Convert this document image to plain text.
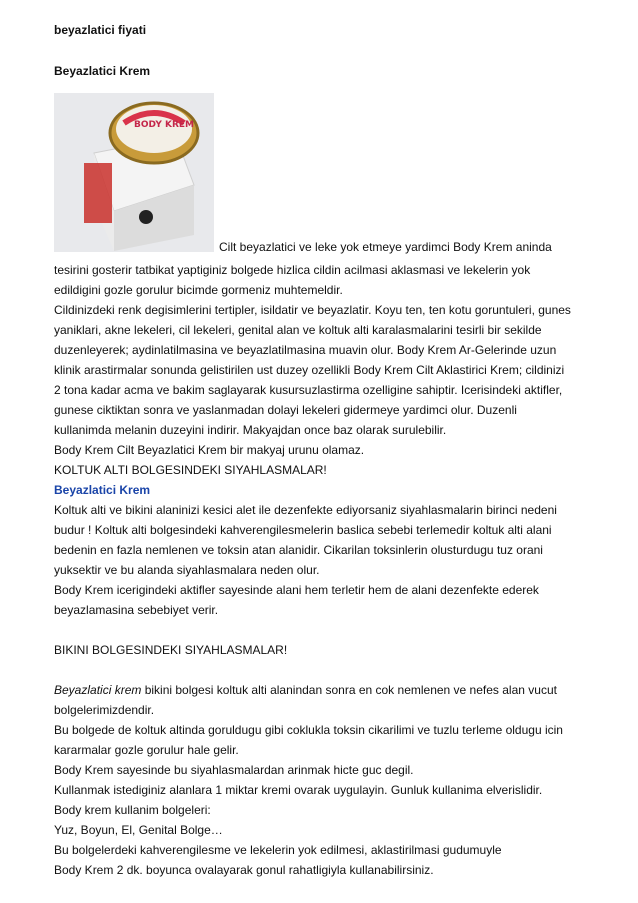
beyazlatici fiyati
Beyazlatici Krem
BODY KREM
Cilt beyazlatici ve leke yok etmeye yardimci Body Krem aninda

tesirini gosterir tatbikat yaptiginiz bolgede hizlica cildin acilmasi aklasmasi ve lekelerin yok

edildigini gozle gorulur bicimde gormeniz muhtemeldir.

Cildinizdeki renk degisimlerini tertipler, isildatir ve beyazlatir. Koyu ten, ten kotu goruntuleri, gunes

yaniklari, akne lekeleri, cil lekeleri, genital alan ve koltuk alti karalasmalarini tesirli bir sekilde

duzenleyerek; aydinlatilmasina ve beyazlatilmasina muavin olur. Body Krem Ar-Gelerinde uzun

klinik arastirmalar sonunda gelistirilen ust duzey ozellikli Body Krem Cilt Aklastirici Krem; cildinizi

2 tona kadar acma ve bakim saglayarak kusursuzlastirma ozelligine sahiptir. Icerisindeki aktifler,

gunese ciktiktan sonra ve yaslanmadan dolayi lekeleri gidermeye yardimci olur. Duzenli

kullanimda melanin duzeyini indirir. Makyajdan once baz olarak surulebilir.

Body Krem Cilt Beyazlatici Krem bir makyaj urunu olamaz.

KOLTUK ALTI BOLGESINDEKI SIYAHLASMALAR!

Beyazlatici Krem

Koltuk alti ve bikini alaninizi kesici alet ile dezenfekte ediyorsaniz siyahlasmalarin birinci nedeni

budur ! Koltuk alti bolgesindeki kahverengilesmelerin baslica sebebi terlemedir koltuk alti alani

bedenin en fazla nemlenen ve toksin atan alanidir. Cikarilan toksinlerin olusturdugu tuz orani

yuksektir ve bu alanda siyahlasmalara neden olur.

Body Krem icerigindeki aktifler sayesinde alani hem terletir hem de alani dezenfekte ederek

beyazlamasina sebebiyet verir.

BIKINI BOLGESINDEKI SIYAHLASMALAR!

Beyazlatici krem bikini bolgesi koltuk alti alanindan sonra en cok nemlenen ve nefes alan vucut

bolgelerimizdendir.

Bu bolgede de koltuk altinda goruldugu gibi coklukla toksin cikarilimi ve tuzlu terleme oldugu icin

kararmalar gozle gorulur hale gelir.

Body Krem sayesinde bu siyahlasmalardan arinmak hicte guc degil.

Kullanmak istediginiz alanlara 1 miktar kremi ovarak uygulayin. Gunluk kullanima elverislidir.

Body krem kullanim bolgeleri:

Yuz, Boyun, El, Genital Bolge…

Bu bolgelerdeki kahverengilesme ve lekelerin yok edilmesi, aklastirilmasi gudumuyle

Body Krem 2 dk. boyunca ovalayarak gonul rahatligiyla kullanabilirsiniz.
